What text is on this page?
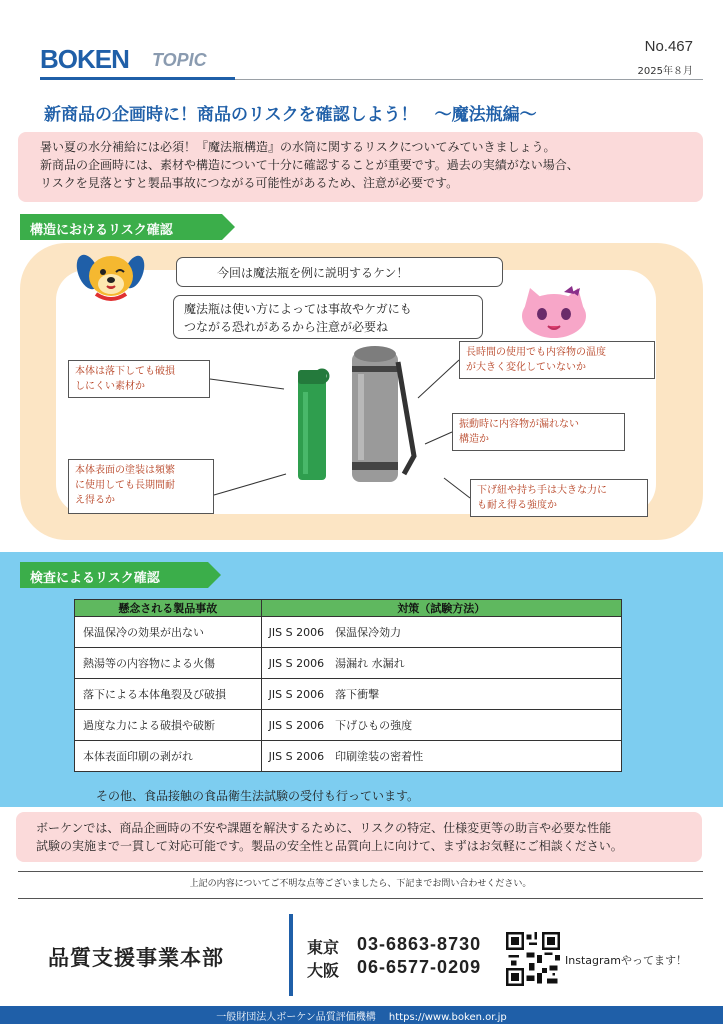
BOKEN TOPIC
No.467
2025年８月
新商品の企画時に！商品のリスクを確認しよう！　～魔法瓶編～
暑い夏の水分補給には必須！『魔法瓶構造』の水筒に関するリスクについてみていきましょう。
新商品の企画時には、素材や構造について十分に確認することが重要です。過去の実績がない場合、
リスクを見落とすと製品事故につながる可能性があるため、注意が必要です。
構造におけるリスク確認
今回は魔法瓶を例に説明するケン！
魔法瓶は使い方によっては事故やケガにも
つながる恐れがあるから注意が必要ね
本体は落下しても破損
しにくい素材か
本体表面の塗装は頻繁
に使用しても長期間耐
え得るか
長時間の使用でも内容物の温度
が大きく変化していないか
振動時に内容物が漏れない
構造か
下げ紐や持ち手は大きな力に
も耐え得る強度か
検査によるリスク確認
懸念される製品事故	対策（試験方法）
保温保冷の効果が出ない	JIS S 2006　保温保冷効力
熱湯等の内容物による火傷	JIS S 2006　湯漏れ 水漏れ
落下による本体亀裂及び破損	JIS S 2006　落下衝撃
過度な力による破損や破断	JIS S 2006　下げひもの強度
本体表面印刷の剥がれ	JIS S 2006　印刷塗装の密着性
その他、食品接触の食品衛生法試験の受付も行っています。
ボーケンでは、商品企画時の不安や課題を解決するために、リスクの特定、仕様変更等の助言や必要な性能
試験の実施まで一貫して対応可能です。製品の安全性と品質向上に向けて、まずはお気軽にご相談ください。
上記の内容についてご不明な点等ございましたら、下記までお問い合わせください。
品質支援事業本部	東京 03-6863-8730
大阪 06-6577-0209	Instagramやってます！
一般財団法人ボーケン品質評価機構　 https://www.boken.or.jp
